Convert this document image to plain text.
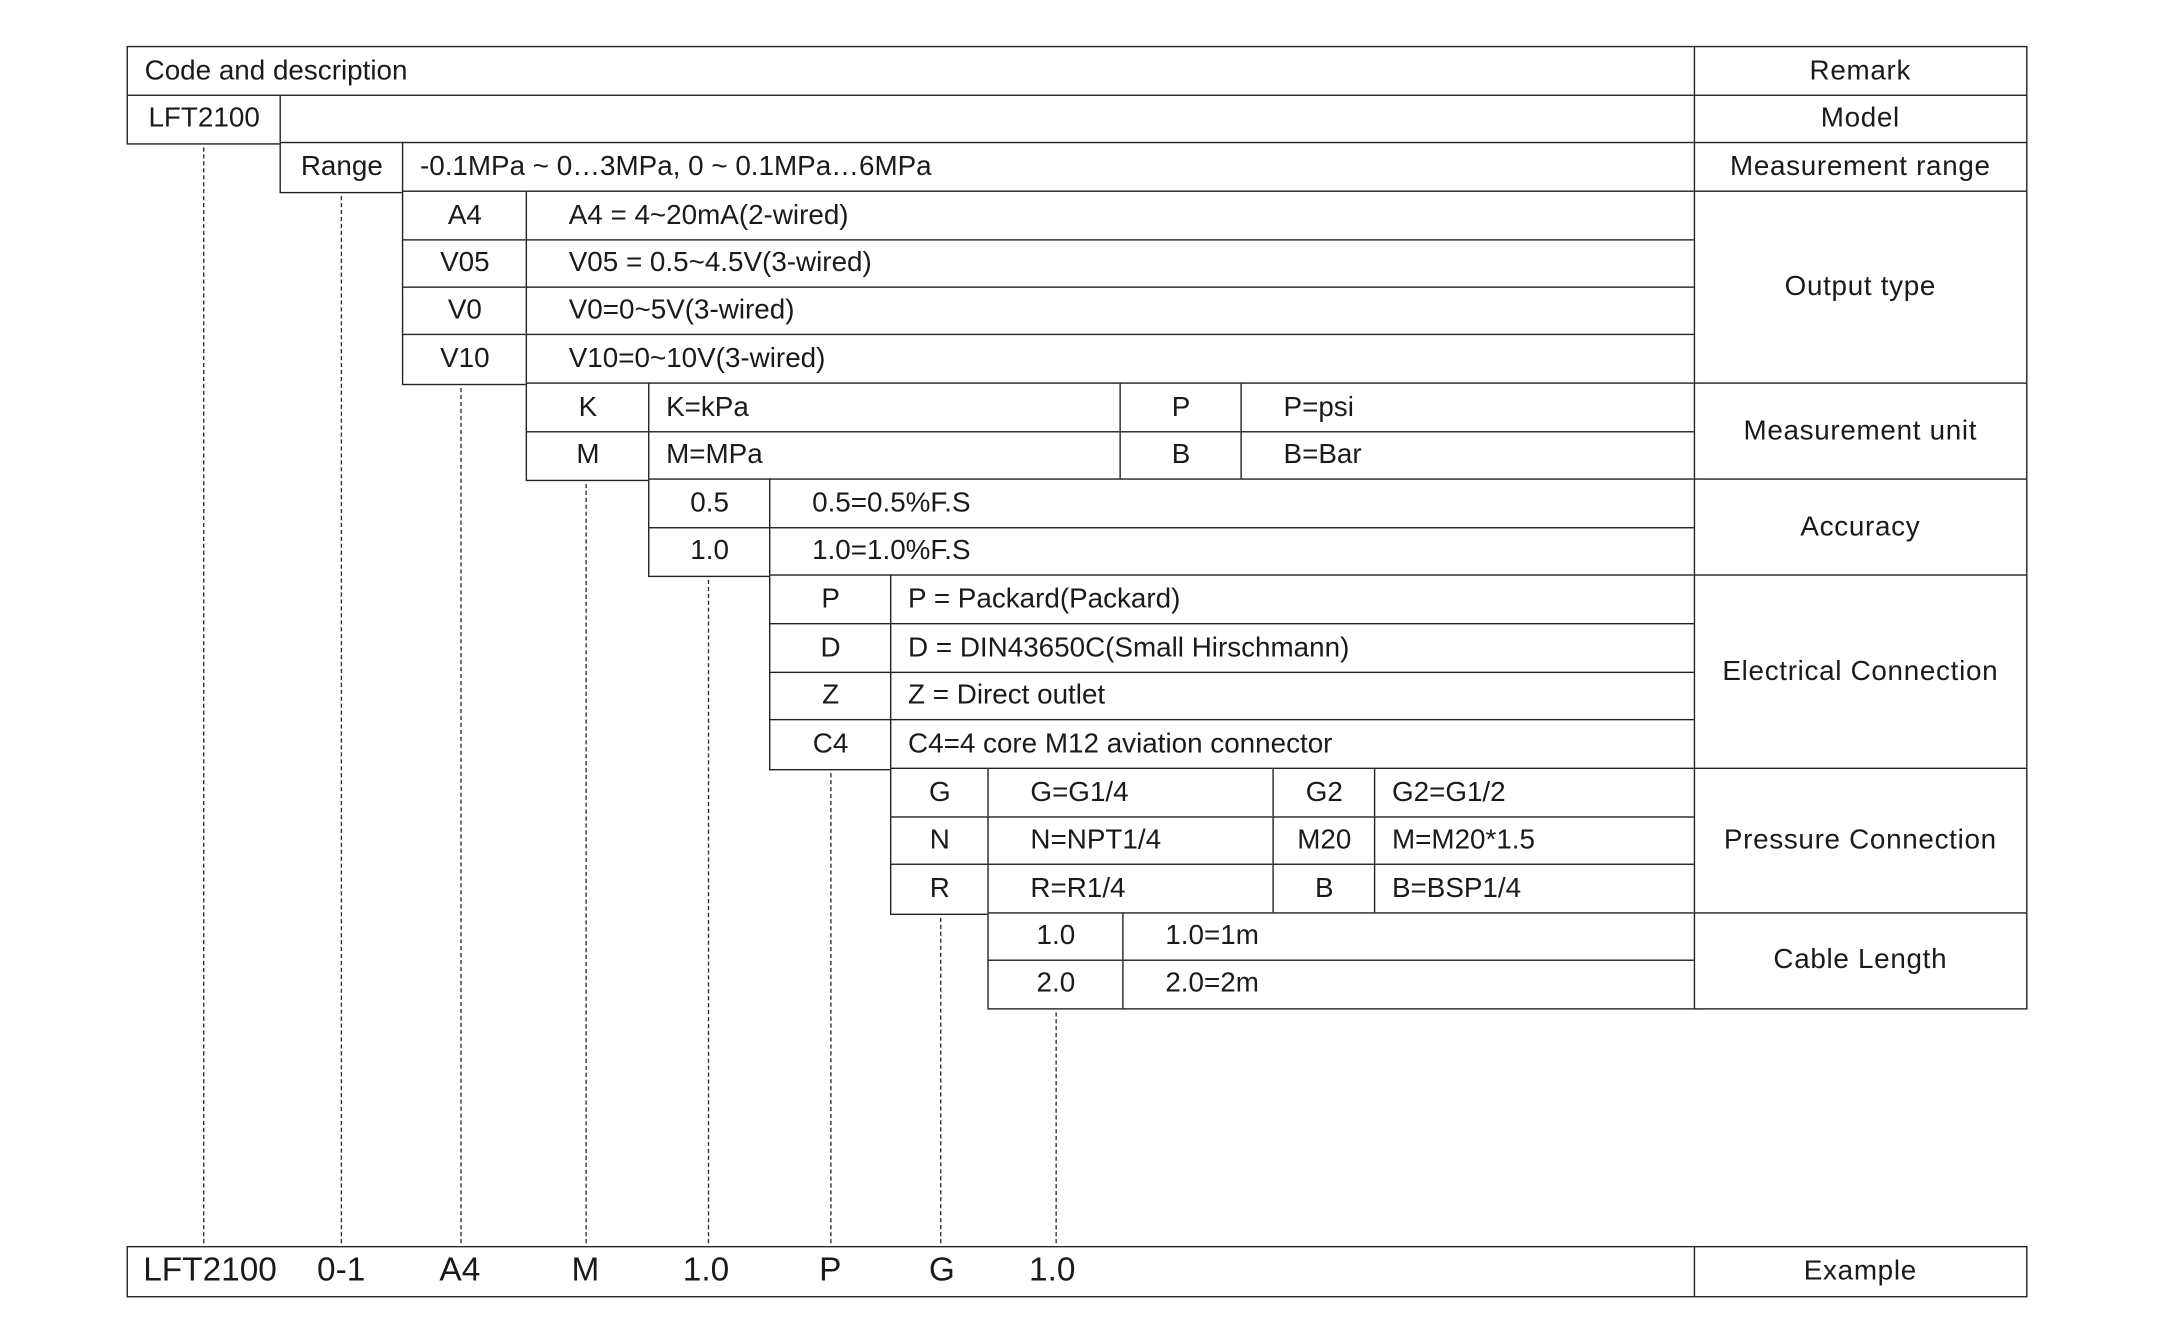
Code and description	Remark
LFT2100	Model
Range -0.1MPa ~ 0…3MPa, 0 ~ 0.1MPa…6MPa	Measurement range
A4	A4 = 4~20mA(2-wired)
V05	V05 = 0.5~4.5V(3-wired)
V0	V0=0~5V(3-wired)
V10	V10=0~10V(3-wired)
Output type
K	K=kPa	P	P=psi
M	M=MPa	B	B=Bar
Measurement unit
0.5	0.5=0.5%F.S
1.0	1.0=1.0%F.S
Accuracy
P	P = Packard(Packard)
D	D = DIN43650C(Small Hirschmann)
Z	Z = Direct outlet
C4	C4=4 core M12 aviation connector
Electrical Connection
G	G=G1/4	G2 G2=G1/2
N	N=NPT1/4	M20 M=M20*1.5
R	R=R1/4	B	B=BSP1/4
Pressure Connection
1.0	1.0=1m
2.0	2.0=2m
Cable Length
Example
LFT2100 0-1	A4	M	1.0	P	G	1.0
